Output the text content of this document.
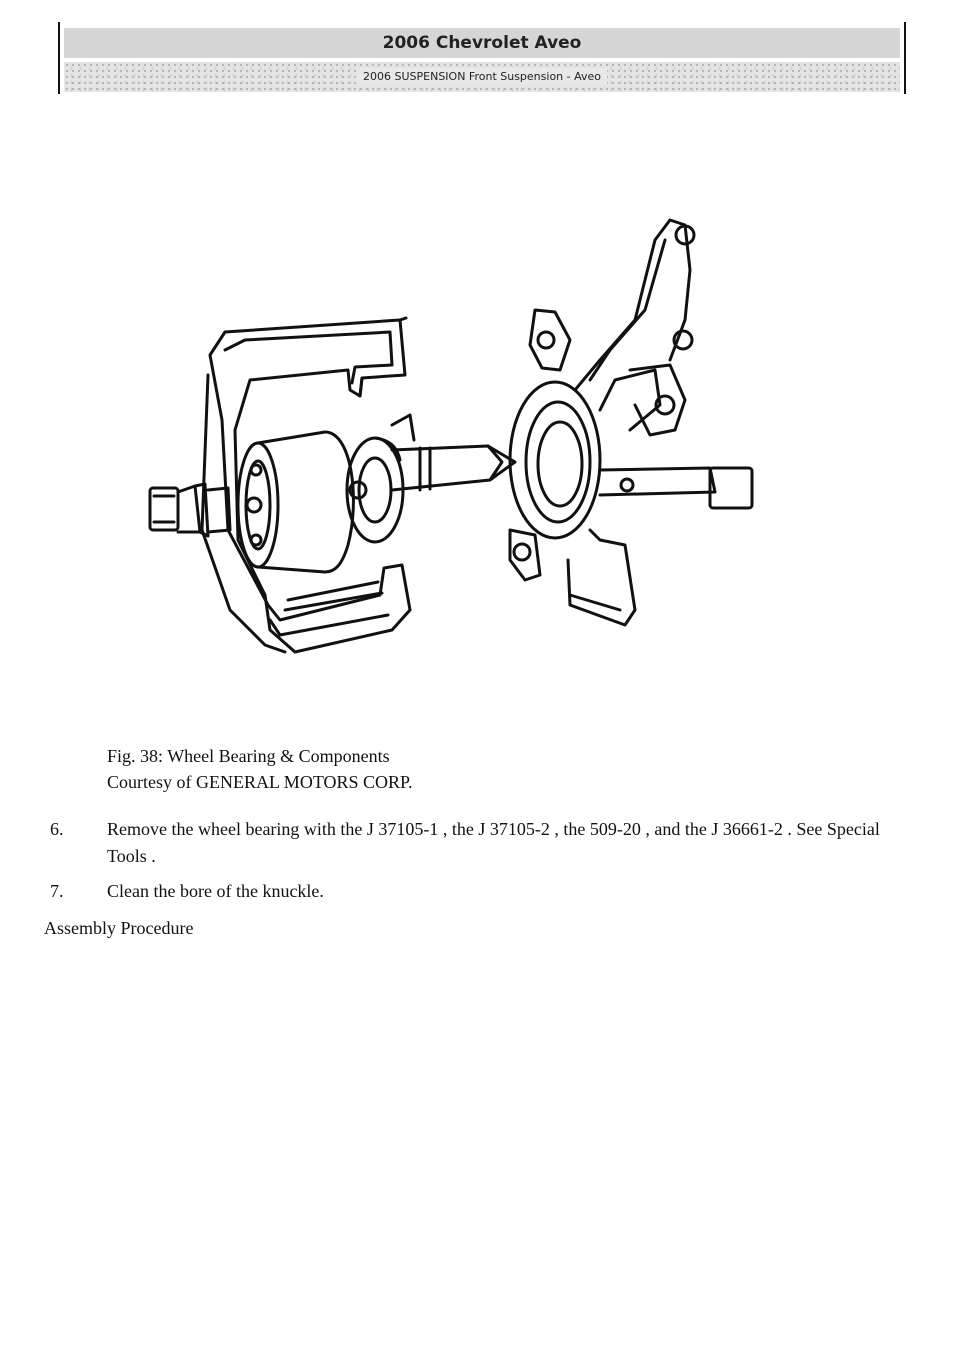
2006 Chevrolet Aveo
2006 SUSPENSION Front Suspension - Aveo
Fig. 38: Wheel Bearing & Components
Courtesy of GENERAL MOTORS CORP.
6.	Remove the wheel bearing with the J 37105-1 , the J 37105-2 , the 509-20 , and the J 36661-2 . See Special Tools .
7.	Clean the bore of the knuckle.
Assembly Procedure
